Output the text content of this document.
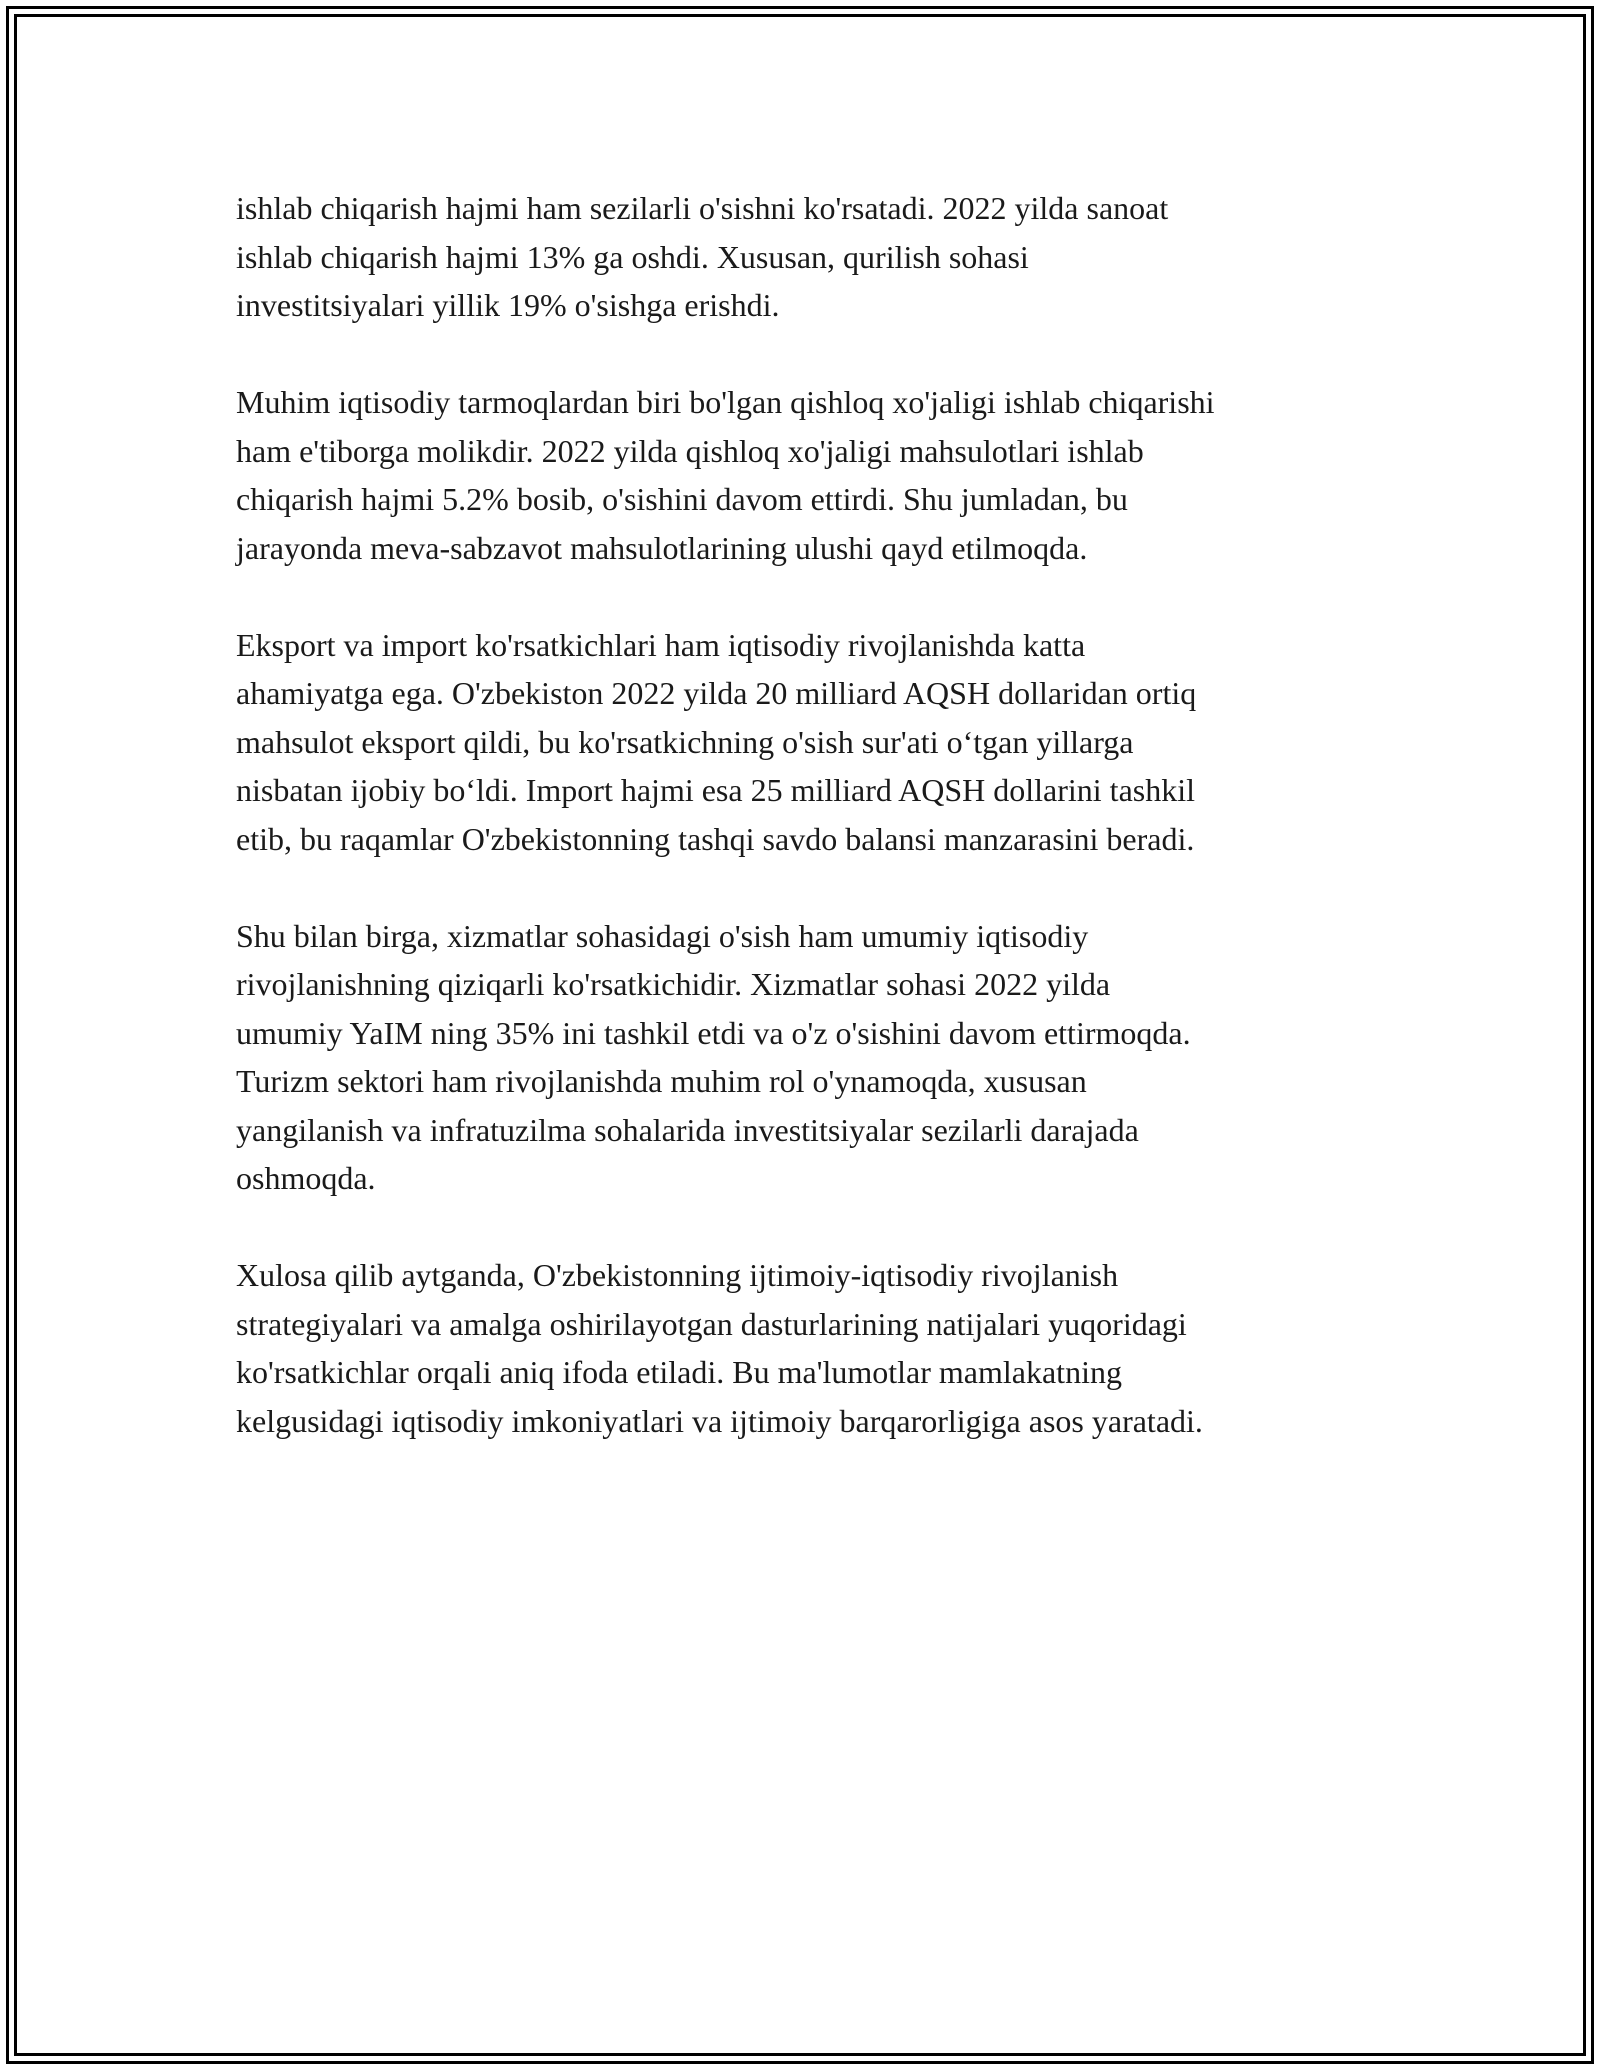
ishlab chiqarish hajmi ham sezilarli o'sishni ko'rsatadi. 2022 yilda sanoat
ishlab chiqarish hajmi 13% ga oshdi. Xususan, qurilish sohasi
investitsiyalari yillik 19% o'sishga erishdi.

Muhim iqtisodiy tarmoqlardan biri bo'lgan qishloq xo'jaligi ishlab chiqarishi
ham e'tiborga molikdir. 2022 yilda qishloq xo'jaligi mahsulotlari ishlab
chiqarish hajmi 5.2% bosib, o'sishini davom ettirdi. Shu jumladan, bu
jarayonda meva-sabzavot mahsulotlarining ulushi qayd etilmoqda.

Eksport va import ko'rsatkichlari ham iqtisodiy rivojlanishda katta
ahamiyatga ega. O'zbekiston 2022 yilda 20 milliard AQSH dollaridan ortiq
mahsulot eksport qildi, bu ko'rsatkichning o'sish sur'ati o‘tgan yillarga
nisbatan ijobiy bo‘ldi. Import hajmi esa 25 milliard AQSH dollarini tashkil
etib, bu raqamlar O'zbekistonning tashqi savdo balansi manzarasini beradi.

Shu bilan birga, xizmatlar sohasidagi o'sish ham umumiy iqtisodiy
rivojlanishning qiziqarli ko'rsatkichidir. Xizmatlar sohasi 2022 yilda
umumiy YaIM ning 35% ini tashkil etdi va o'z o'sishini davom ettirmoqda.
Turizm sektori ham rivojlanishda muhim rol o'ynamoqda, xususan
yangilanish va infratuzilma sohalarida investitsiyalar sezilarli darajada
oshmoqda.

Xulosa qilib aytganda, O'zbekistonning ijtimoiy-iqtisodiy rivojlanish
strategiyalari va amalga oshirilayotgan dasturlarining natijalari yuqoridagi
ko'rsatkichlar orqali aniq ifoda etiladi. Bu ma'lumotlar mamlakatning
kelgusidagi iqtisodiy imkoniyatlari va ijtimoiy barqarorligiga asos yaratadi.
